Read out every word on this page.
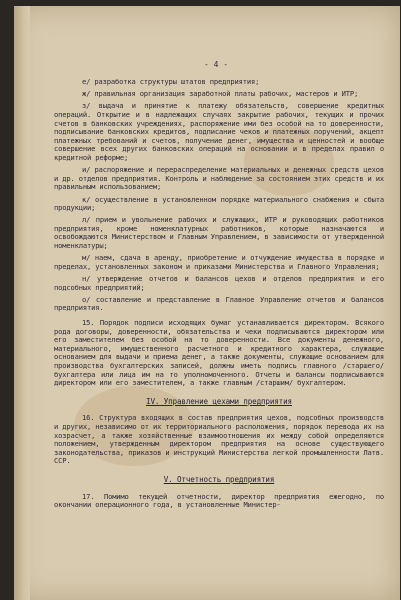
- 4 -

е/ разработка структуры штатов предприятия;

ж/ правильная организация заработной платы рабочих, мастеров и ИТР;

з/ выдача и принятие к платежу обязательств, совершение кредитных операций. Открытие и в надлежащих случаях закрытие рабочих, текущих и прочих счетов в банковских учреждениях, распоряжение ими без особой на то доверенности, подписывание банковских кредитов, подписание чеков и платежных поручений, акцепт платежных требований и счетов, получение денег, имущества и ценностей и вообще совершение всех других банковских операций на основании и в пределах правил о кредитной реформе;

и/ распоряжение и перераспределение материальных и денежных средств цехов и др. отделов предприятия. Контроль и наблюдение за состоянием этих средств и их правильным использованием;

к/ осуществление в установленном порядке материального снабжения и сбыта продукции;

л/ прием и увольнение рабочих и служащих, ИТР и руководящих работников предприятия, кроме номенклатурных работников, которые назначаются и освобождаются Министерством и Главным Управлением, в зависимости от утвержденной номенклатуры;

м/ наем, сдача в аренду, приобретение и отчуждение имущества в порядке и пределах, установленных законом и приказами Министерства и Главного Управления;

н/ утверждение отчетов и балансов цехов и отделов предприятия и его подсобных предприятий;

о/ составление и представление в Главное Управление отчетов и балансов предприятия.

15. Порядок подписи исходящих бумаг устанавливается директором. Всякого рода договоры, доверенности, обязательства и чеки подписываются директором или его заместителем без особой на то доверенности. Все документы денежного, материального, имущественного расчетного и кредитного характера, служащие основанием для выдачи и приема денег, а также документы, служащие основанием для производства бухгалтерских записей, должны иметь подпись главного /старшего/ бухгалтера или лица им на то уполномоченного. Отчеты и балансы подписываются директором или его заместителем, а также главным /старшим/ бухгалтером.

IV. Управление цехами предприятия

16. Структура входящих в состав предприятия цехов, подсобных производств и других, независимо от их территориального расположения, порядок перевода их на хозрасчет, а также хозяйственные взаимоотношения их между собой определяются положением, утвержденным директором предприятия на основе существующего законодательства, приказов и инструкций Министерства легкой промышленности Латв. ССР.

V. Отчетность предприятия

17. Помимо текущей отчетности, директор предприятия ежегодно, по окончании операционного года, в установленные Министер-
